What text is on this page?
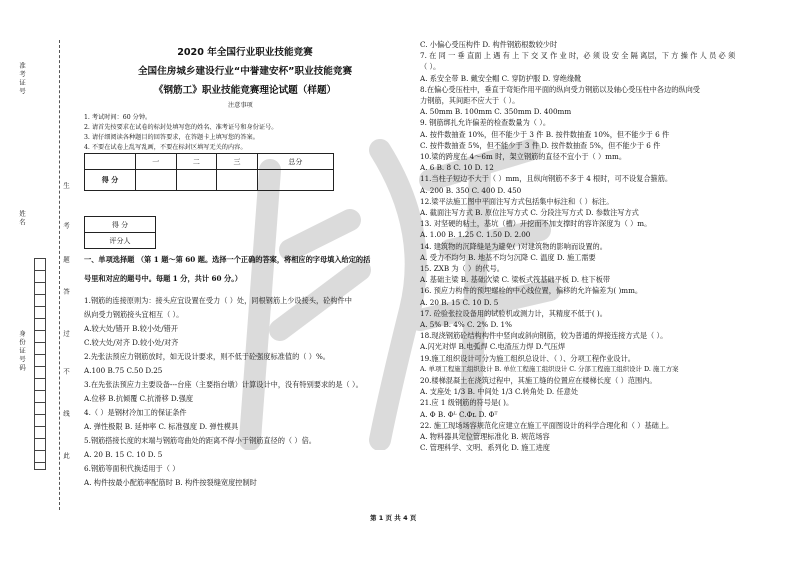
准考证号
姓名
身份证号码
生
考
题
答
过
不
线
此
2020 年全国行业职业技能竞赛
全国住房城乡建设行业“中誉建安杯”职业技能竞赛
《钢筋工》职业技能竞赛理论试题（样题）
注意事项
1. 考试时间：60 分钟。
2. 请首先按要求在试卷的标封处填写您的姓名、准考证号和身份证号。
3. 请仔细阅读各种题目的回答要求，在答题卡上填写您的答案。
4. 不要在试卷上乱写乱画，不要在标封区填写无关的内容。
	一	二	三	总分
得 分				
得 分
评分人
一、单项选择题 （第 1 题～第 60 题。选择一个正确的答案，将相应的字母填入给定的括
号里和对应的题号中。每题 1 分，共计 60 分。）
1.钢筋的连接原则为：接头应宜设置在受力（ ）处，同根钢筋上少设接头，砼构件中
纵向受力钢筋接头宜相互（ ）。
A.较大处/错开 B.较小处/错开
C.较大处/对齐 D.较小处/对齐
2.先张法预应力钢筋放时，如无设计要求，则不低于砼强度标准值的（ ）%。
A.100 B.75 C.50 D.25
3.在先张法预应力主要设备---台座（主要指台墩）计算设计中，没有特别要求的是（ ）。
A.位移 B.抗倾覆 C.抗滑移 D.强度
4.（ ）是钢材冷加工的保证条件
A. 弹性极限 B. 延伸率 C. 标准强度 D. 弹性模具
5.钢筋搭接长度的末端与钢筋弯曲处的距离不得小于钢筋直径的（ ）倍。
A. 20 B. 15 C. 10 D. 5
6.钢筋等面积代换适用于（ ）
A. 构件按最小配筋率配筋时 B. 构件按裂缝宽度控制时
C. 小偏心受压构件 D. 构件钢筋根数较少时
7. 在 同 一 垂 直面 上 遇 有 上 下 交 叉 作 业 时，必 须 设 安 全 隔 离层，下 方 操 作 人 员 必 须
（ ）。
A. 系安全带 B. 戴安全帽 C. 穿防护服 D. 穿绝缘靴
8.在偏心受压柱中，垂直于弯矩作用平面的纵向受力钢筋以及轴心受压柱中各边的纵向受
力钢筋，其间距不应大于（ ）。
A. 50mm B. 100mm C. 350mm D. 400mm
9. 钢筋绑扎允许偏差的检查数量为（ ）。
A. 按件数抽查 10%，但不能少于 3 件 B. 按件数抽查 10%，但不能少于 6 件
C. 按件数抽查 5%，但不能少于 3 件 D. 按件数抽查 5%，但不能少于 6 件
10.梁的跨度在 4～6m 时，架立钢筋的直径不宜小于（ ）mm。
A. 6 B. 8 C. 10 D. 12
11.当柱子短边不大于（ ）mm，且纵向钢筋不多于 4 根时，可不设复合箍筋。
A. 200 B. 350 C. 400 D. 450
12.梁平法施工图中平面注写方式包括集中标注和（ ）标注。
A. 截面注写方式 B. 原位注写方式 C. 分段注写方式 D. 参数注写方式
13. 对坚硬的粘土，基坑（槽）开挖而不加支撑时的容许深度为（ ）m。
A. 1.00 B. 1.25 C. 1.50 D. 2.00
14. 建筑物的沉降缝是为避免( )对建筑物的影响而设置的。
A. 受力不均匀 B. 地基不均匀沉降 C. 温度 D. 施工需要
15. ZXB 为（ ）的代号。
A. 基础主梁 B. 基础次梁 C. 梁板式筏基础平板 D. 柱下板带
16. 预应力构件的预埋螺栓的中心线位置，偏移的允许偏差为( )mm。
A. 20 B. 15 C. 10 D. 5
17. 砼验张拉设备用的试验机或测力计，其精度不低于( )。
A. 5% B. 4% C. 2% D. 1%
18.现浇钢筋砼结构构件中竖向或斜向钢筋，较为普通的焊接连接方式是（ ）。
A.闪光对焊 B.电弧焊 C.电渣压力焊 D.气压焊
19.施工组织设计可分为施工组织总设计、（ ）、分项工程作业设计。
A. 单项工程施工组织设计 B. 单位工程施工组织设计 C. 分部工程施工组织设计 D. 施工方案
20.楼梯混凝土在浇筑过程中，其施工缝的位置应在楼梯长度（ ）范围内。
A. 支座处 1/3 B. 中间处 1/3 C.转角处 D. 任意处
21.应 1 级钢筋的符号是( )。
A. Φ B. Φᴸ C.Φʟ D. Φᵀ
22. 施工现场场容规范化应建立在施工平面图设计的科学合理化和（ ）基础上。
A. 物料器具定位管理标准化 B. 规范场容
C. 管理科学、文明、系列化 D. 施工进度
第 1 页 共 4 页
